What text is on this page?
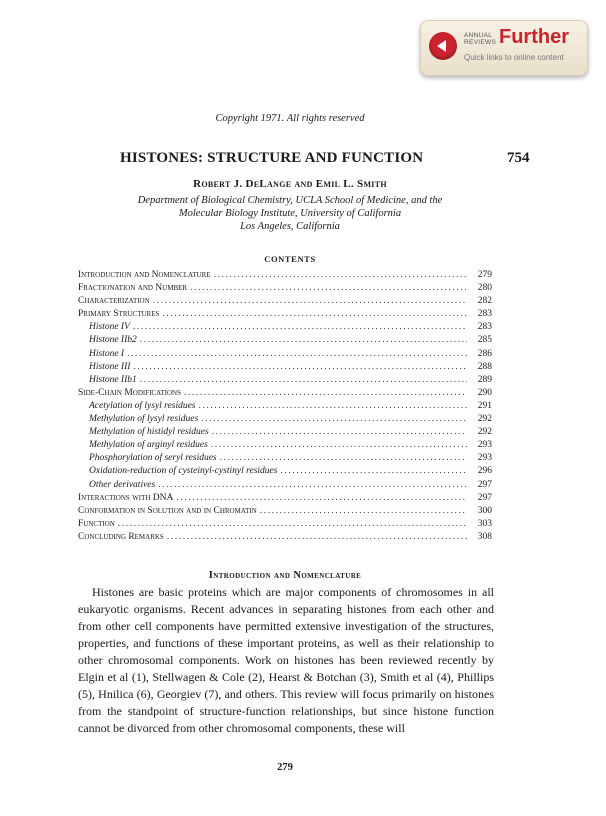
ANNUAL
REVIEWS Further
Quick links to online content
Copyright 1971. All rights reserved
HISTONES: STRUCTURE AND FUNCTION	754
Robert J. DeLange and Emil L. Smith
Department of Biological Chemistry, UCLA School of Medicine, and the
Molecular Biology Institute, University of California
Los Angeles, California
CONTENTS
Introduction and Nomenclature .....	279
Fractionation and Number .....	280
Characterization .....	282
Primary Structures .....	283
Histone IV .....	283
Histone IIb2 .....	285
Histone I .....	286
Histone III .....	288
Histone IIb1 .....	289
Side-Chain Modifications .....	290
Acetylation of lysyl residues .....	291
Methylation of lysyl residues .....	292
Methylation of histidyl residues .....	292
Methylation of arginyl residues .....	293
Phosphorylation of seryl residues .....	293
Oxidation-reduction of cysteinyl-cystinyl residues .....	296
Other derivatives .....	297
Interactions with DNA .....	297
Conformation in Solution and in Chromatin .....	300
Function .....	303
Concluding Remarks .....	308
Introduction and Nomenclature

Histones are basic proteins which are major components of chromosomes in all eukaryotic organisms. Recent advances in separating histones from each other and from other cell components have permitted extensive investigation of the structures, properties, and functions of these important proteins, as well as their relationship to other chromosomal components. Work on histones has been reviewed recently by Elgin et al (1), Stellwagen & Cole (2), Hearst & Botchan (3), Smith et al (4), Phillips (5), Hnilica (6), Georgiev (7), and others. This review will focus primarily on histones from the standpoint of structure-function relationships, but since histone function cannot be divorced from other chromosomal components, these will

279
